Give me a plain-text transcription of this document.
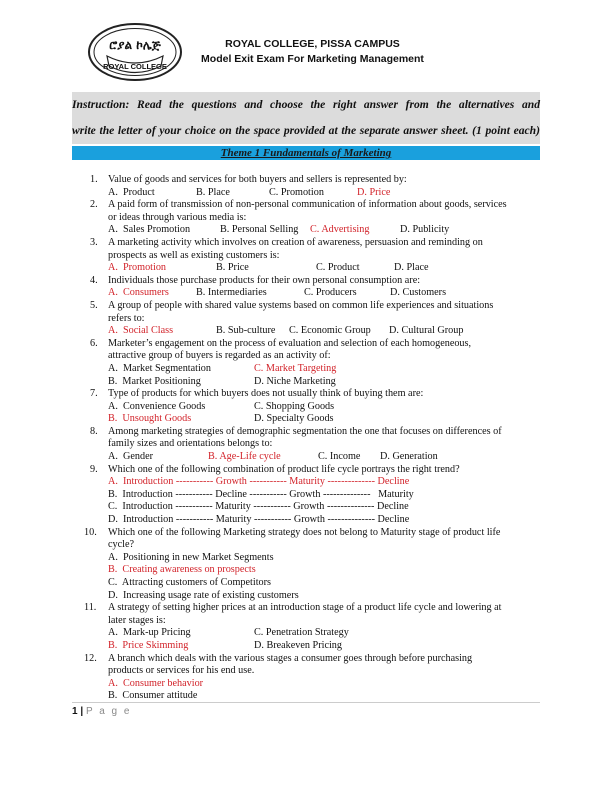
ሮያል ኮሌጅ
ROYAL COLLEGE
ROYAL COLLEGE, PISSA CAMPUS
Model Exit Exam For Marketing Management
Instruction: Read the questions and choose the right answer from the alternatives and
write the letter of your choice on the space provided at the separate answer sheet. (1 point each)
Theme 1 Fundamentals of Marketing
1. Value of goods and services for both buyers and sellers is represented by:
A.  Product	B. Place	C. Promotion	D. Price
2. A paid form of transmission of non-personal communication of information about goods, services
or ideas through various media is:
A.  Sales Promotion	B. Personal Selling	C. Advertising	D. Publicity
3. A marketing activity which involves on creation of awareness, persuasion and reminding on
prospects as well as existing customers is:
A.  Promotion	B. Price	C. Product	D. Place
4. Individuals those purchase products for their own personal consumption are:
A.  Consumers	B. Intermediaries	C. Producers	D. Customers
5. A group of people with shared value systems based on common life experiences and situations
refers to:
A.  Social Class	B. Sub-culture	C. Economic Group	D. Cultural Group
6. Marketer’s engagement on the process of evaluation and selection of each homogeneous,
attractive group of buyers is regarded as an activity of:
A.  Market Segmentation	C. Market Targeting
B.  Market Positioning	D. Niche Marketing
7. Type of products for which buyers does not usually think of buying them are:
A.  Convenience Goods	C. Shopping Goods
B.  Unsought Goods	D. Specialty Goods
8. Among marketing strategies of demographic segmentation the one that focuses on differences of
family sizes and orientations belongs to:
A.  Gender	B. Age-Life cycle	C. Income	D. Generation
9. Which one of the following combination of product life cycle portrays the right trend?
A.  Introduction ----------- Growth ----------- Maturity -------------- Decline
B.  Introduction ----------- Decline ----------- Growth --------------   Maturity
C.  Introduction ----------- Maturity ----------- Growth -------------- Decline
D.  Introduction ----------- Maturity ----------- Growth -------------- Decline
10. Which one of the following Marketing strategy does not belong to Maturity stage of product life
cycle?
A.  Positioning in new Market Segments
B.  Creating awareness on prospects
C.  Attracting customers of Competitors
D.  Increasing usage rate of existing customers
11. A strategy of setting higher prices at an introduction stage of a product life cycle and lowering at
later stages is:
A.  Mark-up Pricing	C. Penetration Strategy
B.  Price Skimming	D. Breakeven Pricing
12. A branch which deals with the various stages a consumer goes through before purchasing
products or services for his end use.
A.  Consumer behavior
B.  Consumer attitude
1 | P a g e
